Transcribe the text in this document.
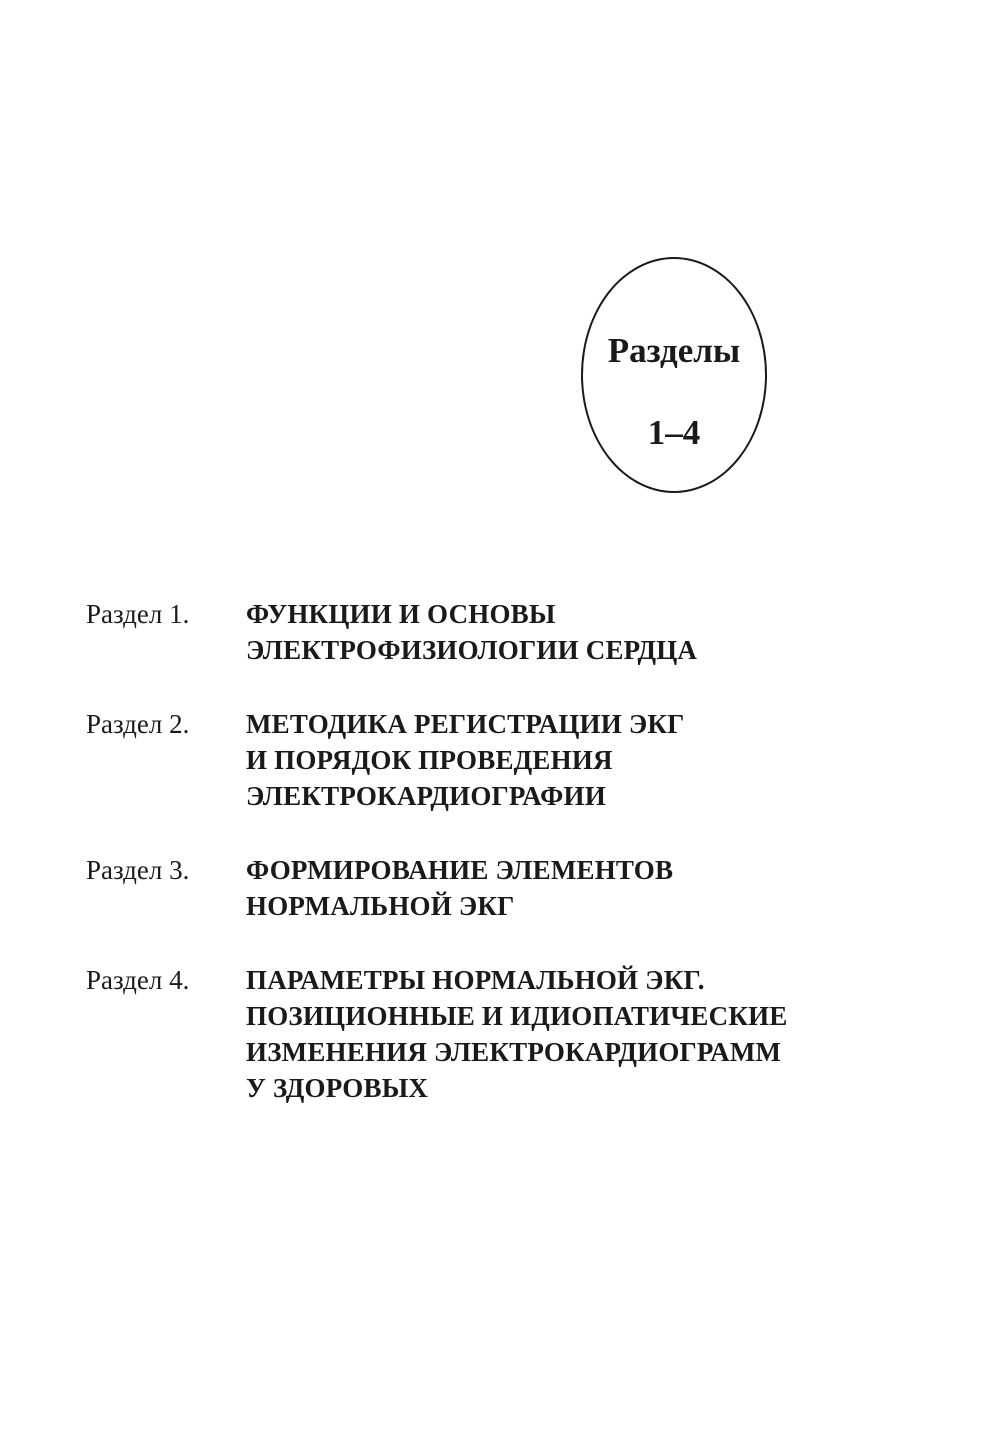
Разделы
1–4
Раздел 1.	ФУНКЦИИ И ОСНОВЫ
ЭЛЕКТРОФИЗИОЛОГИИ СЕРДЦА
Раздел 2.	МЕТОДИКА РЕГИСТРАЦИИ ЭКГ
И ПОРЯДОК ПРОВЕДЕНИЯ
ЭЛЕКТРОКАРДИОГРАФИИ
Раздел 3.	ФОРМИРОВАНИЕ ЭЛЕМЕНТОВ
НОРМАЛЬНОЙ ЭКГ
Раздел 4.	ПАРАМЕТРЫ НОРМАЛЬНОЙ ЭКГ.
ПОЗИЦИОННЫЕ И ИДИОПАТИЧЕСКИЕ
ИЗМЕНЕНИЯ ЭЛЕКТРОКАРДИОГРАММ
У ЗДОРОВЫХ
